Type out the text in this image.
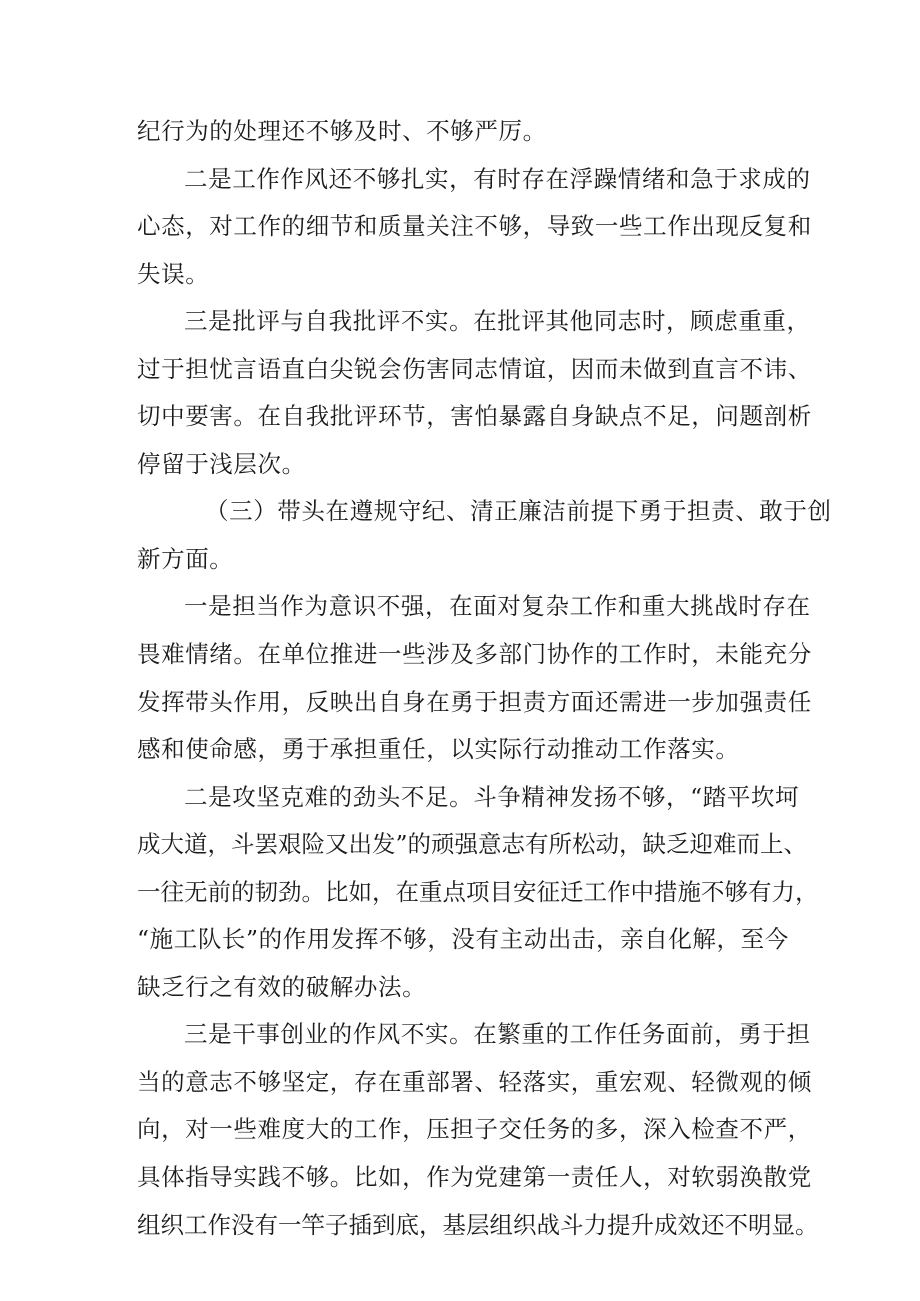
纪行为的处理还不够及时、不够严厉。
二是工作作风还不够扎实，有时存在浮躁情绪和急于求成的
心态，对工作的细节和质量关注不够，导致一些工作出现反复和
失误。
三是批评与自我批评不实。在批评其他同志时，顾虑重重，
过于担忧言语直白尖锐会伤害同志情谊，因而未做到直言不讳、
切中要害。在自我批评环节，害怕暴露自身缺点不足，问题剖析
停留于浅层次。
（三）带头在遵规守纪、清正廉洁前提下勇于担责、敢于创
新方面。
一是担当作为意识不强，在面对复杂工作和重大挑战时存在
畏难情绪。在单位推进一些涉及多部门协作的工作时，未能充分
发挥带头作用，反映出自身在勇于担责方面还需进一步加强责任
感和使命感，勇于承担重任，以实际行动推动工作落实。
二是攻坚克难的劲头不足。斗争精神发扬不够，“踏平坎坷
成大道，斗罢艰险又出发”的顽强意志有所松动，缺乏迎难而上、
一往无前的韧劲。比如，在重点项目安征迁工作中措施不够有力，
“施工队长”的作用发挥不够，没有主动出击，亲自化解，至今
缺乏行之有效的破解办法。
三是干事创业的作风不实。在繁重的工作任务面前，勇于担
当的意志不够坚定，存在重部署、轻落实，重宏观、轻微观的倾
向，对一些难度大的工作，压担子交任务的多，深入检查不严，
具体指导实践不够。比如，作为党建第一责任人，对软弱涣散党
组织工作没有一竿子插到底，基层组织战斗力提升成效还不明显。
